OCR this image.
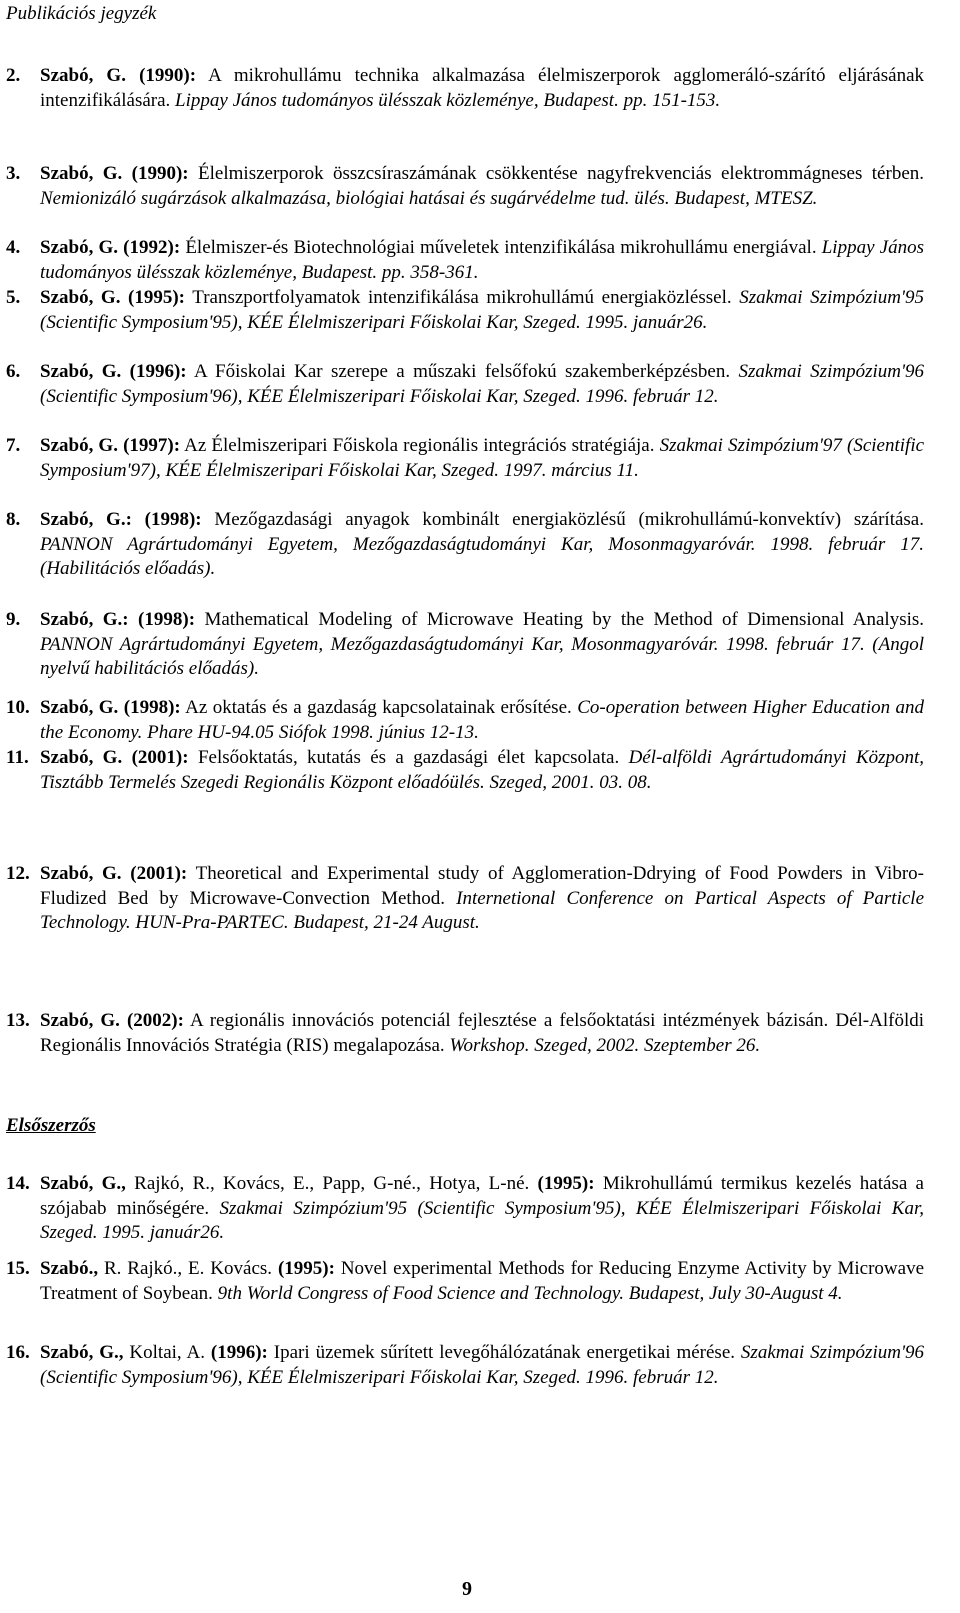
Publikációs jegyzék
2. Szabó, G. (1990): A mikrohullámu technika alkalmazása élelmiszerporok agglomeráló-szárító eljárásának intenzifikálására. Lippay János tudományos ülésszak közleménye, Budapest. pp. 151-153.
3. Szabó, G. (1990): Élelmiszerporok összcsíraszámának csökkentése nagyfrekvenciás elektrommágneses térben. Nemionizáló sugárzások alkalmazása, biológiai hatásai és sugárvédelme tud. ülés. Budapest, MTESZ.
4. Szabó, G. (1992): Élelmiszer-és Biotechnológiai műveletek intenzifikálása mikrohullámu energiával. Lippay János tudományos ülésszak közleménye, Budapest. pp. 358-361.
5. Szabó, G. (1995): Transzportfolyamatok intenzifikálása mikrohullámú energiaközléssel. Szakmai Szimpózium'95 (Scientific Symposium'95), KÉE Élelmiszeripari Főiskolai Kar, Szeged. 1995. január26.
6. Szabó, G. (1996): A Főiskolai Kar szerepe a műszaki felsőfokú szakemberképzésben. Szakmai Szimpózium'96 (Scientific Symposium'96), KÉE Élelmiszeripari Főiskolai Kar, Szeged. 1996. február 12.
7. Szabó, G. (1997): Az Élelmiszeripari Főiskola regionális integrációs stratégiája. Szakmai Szimpózium'97 (Scientific Symposium'97), KÉE Élelmiszeripari Főiskolai Kar, Szeged. 1997. március 11.
8. Szabó, G.: (1998): Mezőgazdasági anyagok kombinált energiaközlésű (mikrohullámú-konvektív) szárítása. PANNON Agrártudományi Egyetem, Mezőgazdaságtudományi Kar, Mosonmagyaróvár. 1998. február 17. (Habilitációs előadás).
9. Szabó, G.: (1998): Mathematical Modeling of Microwave Heating by the Method of Dimensional Analysis. PANNON Agrártudományi Egyetem, Mezőgazdaságtudományi Kar, Mosonmagyaróvár. 1998. február 17. (Angol nyelvű habilitációs előadás).
10. Szabó, G. (1998): Az oktatás és a gazdaság kapcsolatainak erősítése. Co-operation between Higher Education and the Economy. Phare HU-94.05 Siófok 1998. június 12-13.
11. Szabó, G. (2001): Felsőoktatás, kutatás és a gazdasági élet kapcsolata. Dél-alföldi Agrártudományi Központ, Tisztább Termelés Szegedi Regionális Központ előadóülés. Szeged, 2001. 03. 08.
12. Szabó, G. (2001): Theoretical and Experimental study of Agglomeration-Ddrying of Food Powders in Vibro-Fludized Bed by Microwave-Convection Method. Internetional Conference on Partical Aspects of Particle Technology. HUN-Pra-PARTEC. Budapest, 21-24 August.
13. Szabó, G. (2002): A regionális innovációs potenciál fejlesztése a felsőoktatási intézmények bázisán. Dél-Alföldi Regionális Innovációs Stratégia (RIS) megalapozása. Workshop. Szeged, 2002. Szeptember 26.
Elsőszerzős
14. Szabó, G., Rajkó, R., Kovács, E., Papp, G-né., Hotya, L-né. (1995): Mikrohullámú termikus kezelés hatása a szójabab minőségére. Szakmai Szimpózium'95 (Scientific Symposium'95), KÉE Élelmiszeripari Főiskolai Kar, Szeged. 1995. január26.
15. Szabó., R. Rajkó., E. Kovács. (1995): Novel experimental Methods for Reducing Enzyme Activity by Microwave Treatment of Soybean. 9th World Congress of Food Science and Technology. Budapest, July 30-August 4.
16. Szabó, G., Koltai, A. (1996): Ipari üzemek sűrített levegőhálózatának energetikai mérése. Szakmai Szimpózium'96 (Scientific Symposium'96), KÉE Élelmiszeripari Főiskolai Kar, Szeged. 1996. február 12.
9
